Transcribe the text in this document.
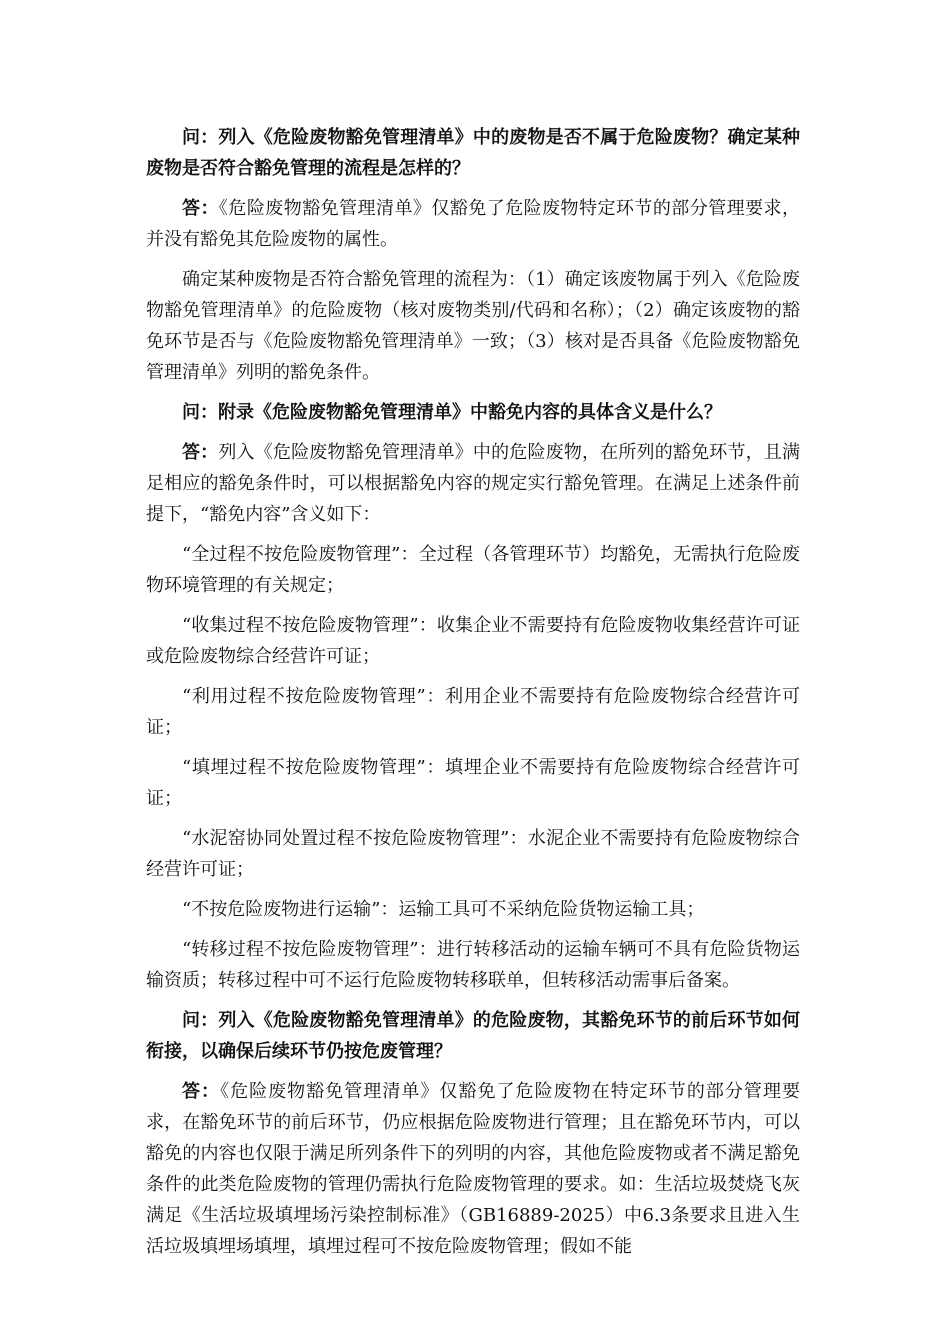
问：列入《危险废物豁免管理清单》中的废物是否不属于危险废物？确定某种废物是否符合豁免管理的流程是怎样的？

答：《危险废物豁免管理清单》仅豁免了危险废物特定环节的部分管理要求，并没有豁免其危险废物的属性。

确定某种废物是否符合豁免管理的流程为：（1）确定该废物属于列入《危险废物豁免管理清单》的危险废物（核对废物类别/代码和名称）；（2）确定该废物的豁免环节是否与《危险废物豁免管理清单》一致；（3）核对是否具备《危险废物豁免管理清单》列明的豁免条件。

问：附录《危险废物豁免管理清单》中豁免内容的具体含义是什么？

答：列入《危险废物豁免管理清单》中的危险废物，在所列的豁免环节，且满足相应的豁免条件时，可以根据豁免内容的规定实行豁免管理。在满足上述条件前提下，“豁免内容”含义如下：

“全过程不按危险废物管理”：全过程（各管理环节）均豁免，无需执行危险废物环境管理的有关规定；

“收集过程不按危险废物管理”：收集企业不需要持有危险废物收集经营许可证或危险废物综合经营许可证；

“利用过程不按危险废物管理”：利用企业不需要持有危险废物综合经营许可证；

“填埋过程不按危险废物管理”：填埋企业不需要持有危险废物综合经营许可证；

“水泥窑协同处置过程不按危险废物管理”：水泥企业不需要持有危险废物综合经营许可证；

“不按危险废物进行运输”：运输工具可不采纳危险货物运输工具；

“转移过程不按危险废物管理”：进行转移活动的运输车辆可不具有危险货物运输资质；转移过程中可不运行危险废物转移联单，但转移活动需事后备案。

问：列入《危险废物豁免管理清单》的危险废物，其豁免环节的前后环节如何衔接，以确保后续环节仍按危废管理？

答：《危险废物豁免管理清单》仅豁免了危险废物在特定环节的部分管理要求，在豁免环节的前后环节，仍应根据危险废物进行管理；且在豁免环节内，可以豁免的内容也仅限于满足所列条件下的列明的内容，其他危险废物或者不满足豁免条件的此类危险废物的管理仍需执行危险废物管理的要求。如：生活垃圾焚烧飞灰满足《生活垃圾填埋场污染控制标准》（GB16889-2025）中6.3条要求且进入生活垃圾填埋场填埋，填埋过程可不按危险废物管理；假如不能
